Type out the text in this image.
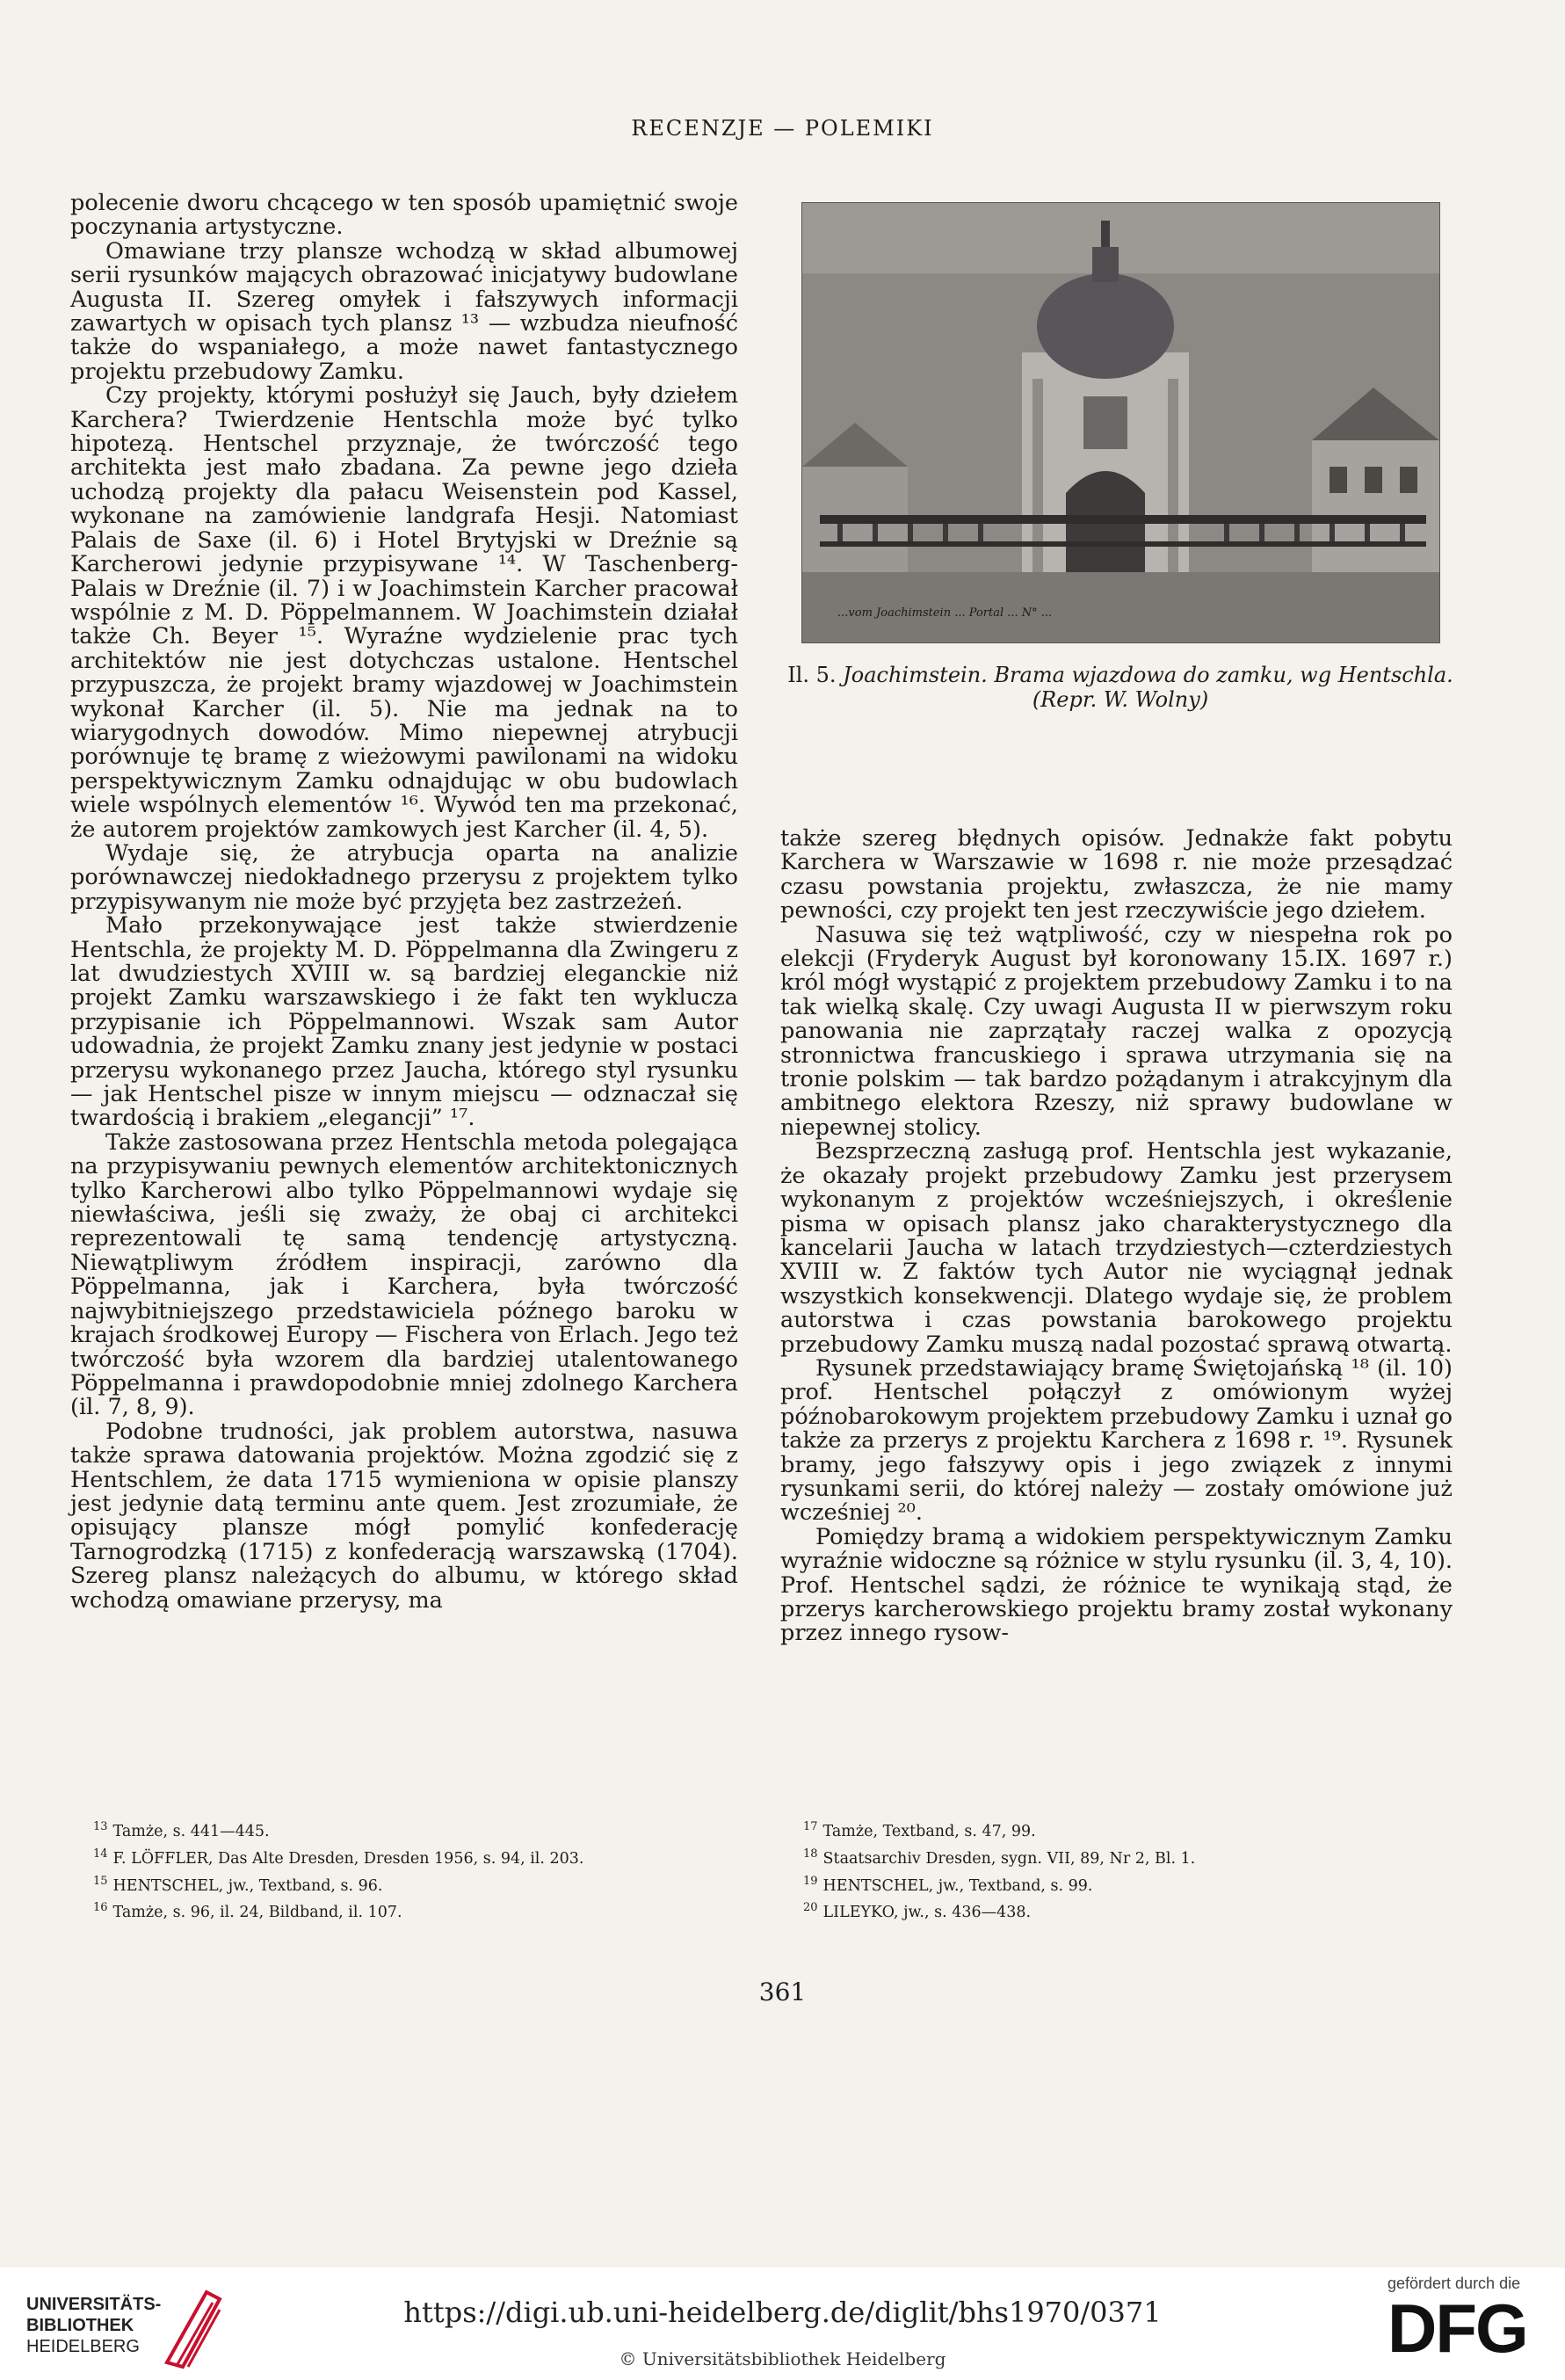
RECENZJE — POLEMIKI

polecenie dworu chcącego w ten sposób upamiętnić swoje poczynania artystyczne.

Omawiane trzy plansze wchodzą w skład albumowej serii rysunków mających obrazować inicjatywy budowlane Augusta II. Szereg omyłek i fałszywych informacji zawartych w opisach tych plansz ¹³ — wzbudza nieufność także do wspaniałego, a może nawet fantastycznego projektu przebudowy Zamku.

Czy projekty, którymi posłużył się Jauch, były dziełem Karchera? Twierdzenie Hentschla może być tylko hipotezą. Hentschel przyznaje, że twórczość tego architekta jest mało zbadana. Za pewne jego dzieła uchodzą projekty dla pałacu Weisenstein pod Kassel, wykonane na zamówienie landgrafa Hesji. Natomiast Palais de Saxe (il. 6) i Hotel Brytyjski w Dreźnie są Karcherowi jedynie przypisywane ¹⁴. W Taschenberg-Palais w Dreźnie (il. 7) i w Joachimstein Karcher pracował wspólnie z M. D. Pöppelmannem. W Joachimstein działał także Ch. Beyer ¹⁵. Wyraźne wydzielenie prac tych architektów nie jest dotychczas ustalone. Hentschel przypuszcza, że projekt bramy wjazdowej w Joachimstein wykonał Karcher (il. 5). Nie ma jednak na to wiarygodnych dowodów. Mimo niepewnej atrybucji porównuje tę bramę z wieżowymi pawilonami na widoku perspektywicznym Zamku odnajdując w obu budowlach wiele wspólnych elementów ¹⁶. Wywód ten ma przekonać, że autorem projektów zamkowych jest Karcher (il. 4, 5).

Wydaje się, że atrybucja oparta na analizie porównawczej niedokładnego przerysu z projektem tylko przypisywanym nie może być przyjęta bez zastrzeżeń.

Mało przekonywające jest także stwierdzenie Hentschla, że projekty M. D. Pöppelmanna dla Zwingeru z lat dwudziestych XVIII w. są bardziej eleganckie niż projekt Zamku warszawskiego i że fakt ten wyklucza przypisanie ich Pöppelmannowi. Wszak sam Autor udowadnia, że projekt Zamku znany jest jedynie w postaci przerysu wykonanego przez Jaucha, którego styl rysunku — jak Hentschel pisze w innym miejscu — odznaczał się twardością i brakiem „elegancji” ¹⁷.

Także zastosowana przez Hentschla metoda polegająca na przypisywaniu pewnych elementów architektonicznych tylko Karcherowi albo tylko Pöppelmannowi wydaje się niewłaściwa, jeśli się zważy, że obaj ci architekci reprezentowali tę samą tendencję artystyczną. Niewątpliwym źródłem inspiracji, zarówno dla Pöppelmanna, jak i Karchera, była twórczość najwybitniejszego przedstawiciela późnego baroku w krajach środkowej Europy — Fischera von Erlach. Jego też twórczość była wzorem dla bardziej utalentowanego Pöppelmanna i prawdopodobnie mniej zdolnego Karchera (il. 7, 8, 9).

Podobne trudności, jak problem autorstwa, nasuwa także sprawa datowania projektów. Można zgodzić się z Hentschlem, że data 1715 wymieniona w opisie planszy jest jedynie datą terminu ante quem. Jest zrozumiałe, że opisujący plansze mógł pomylić konfederację Tarnogrodzką (1715) z konfederacją warszawską (1704). Szereg plansz należących do albumu, w którego skład wchodzą omawiane przerysy, ma

...vom Joachimstein ... Portal ... N° ...
Il. 5. Joachimstein. Brama wjazdowa do zamku, wg Hentschla. (Repr. W. Wolny)

także szereg błędnych opisów. Jednakże fakt pobytu Karchera w Warszawie w 1698 r. nie może przesądzać czasu powstania projektu, zwłaszcza, że nie mamy pewności, czy projekt ten jest rzeczywiście jego dziełem.

Nasuwa się też wątpliwość, czy w niespełna rok po elekcji (Fryderyk August był koronowany 15.IX. 1697 r.) król mógł wystąpić z projektem przebudowy Zamku i to na tak wielką skalę. Czy uwagi Augusta II w pierwszym roku panowania nie zaprzątały raczej walka z opozycją stronnictwa francuskiego i sprawa utrzymania się na tronie polskim — tak bardzo pożądanym i atrakcyjnym dla ambitnego elektora Rzeszy, niż sprawy budowlane w niepewnej stolicy.

Bezsprzeczną zasługą prof. Hentschla jest wykazanie, że okazały projekt przebudowy Zamku jest przerysem wykonanym z projektów wcześniejszych, i określenie pisma w opisach plansz jako charakterystycznego dla kancelarii Jaucha w latach trzydziestych—czterdziestych XVIII w. Z faktów tych Autor nie wyciągnął jednak wszystkich konsekwencji. Dlatego wydaje się, że problem autorstwa i czas powstania barokowego projektu przebudowy Zamku muszą nadal pozostać sprawą otwartą.

Rysunek przedstawiający bramę Świętojańską ¹⁸ (il. 10) prof. Hentschel połączył z omówionym wyżej późnobarokowym projektem przebudowy Zamku i uznał go także za przerys z projektu Karchera z 1698 r. ¹⁹. Rysunek bramy, jego fałszywy opis i jego związek z innymi rysunkami serii, do której należy — zostały omówione już wcześniej ²⁰.

Pomiędzy bramą a widokiem perspektywicznym Zamku wyraźnie widoczne są różnice w stylu rysunku (il. 3, 4, 10). Prof. Hentschel sądzi, że różnice te wynikają stąd, że przerys karcherowskiego projektu bramy został wykonany przez innego rysow-

$^{13}$ Tamże, s. 441—445.
$^{14}$ F. LÖFFLER, Das Alte Dresden, Dresden 1956, s. 94, il. 203.
$^{15}$ HENTSCHEL, jw., Textband, s. 96.
$^{16}$ Tamże, s. 96, il. 24, Bildband, il. 107.
$^{17}$ Tamże, Textband, s. 47, 99.
$^{18}$ Staatsarchiv Dresden, sygn. VII, 89, Nr 2, Bl. 1.
$^{19}$ HENTSCHEL, jw., Textband, s. 99.
$^{20}$ LILEYKO, jw., s. 436—438.
361
UNIVERSITÄTS-
BIBLIOTHEK
HEIDELBERG
https://digi.ub.uni-heidelberg.de/diglit/bhs1970/0371
© Universitätsbibliothek Heidelberg
gefördert durch die
DFG
